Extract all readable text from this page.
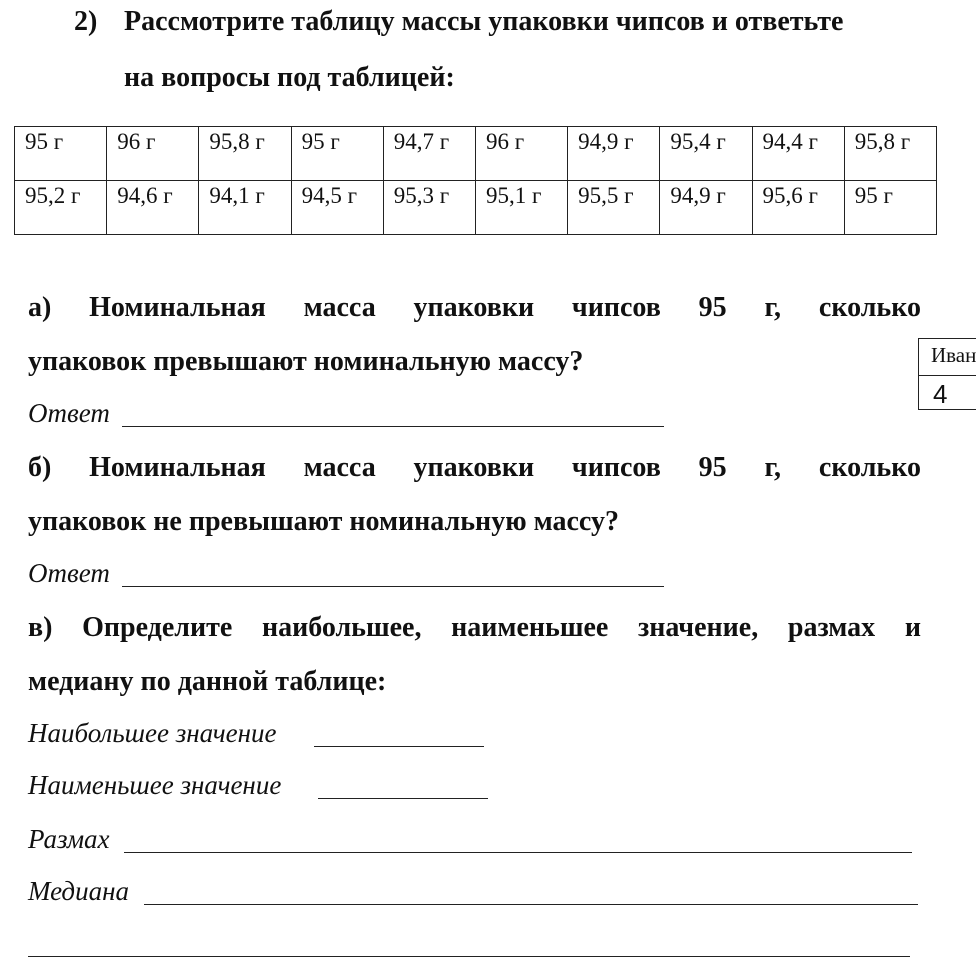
2) Рассмотрите таблицу массы упаковки чипсов и ответьте
на вопросы под таблицей:
95 г	96 г	95,8 г	95 г	94,7 г	96 г	94,9 г	95,4 г	94,4 г	95,8 г
95,2 г	94,6 г	94,1 г	94,5 г	95,3 г	95,1 г	95,5 г	94,9 г	95,6 г	95 г
а) Номинальная масса упаковки чипсов 95 г, сколько
упаковок превышают номинальную массу?
Ответ
Иван
4
б) Номинальная масса упаковки чипсов 95 г, сколько
упаковок не превышают номинальную массу?
Ответ
в) Определите наибольшее, наименьшее значение, размах и
медиану по данной таблице:
Наибольшее значение
Наименьшее значение
Размах
Медиана
